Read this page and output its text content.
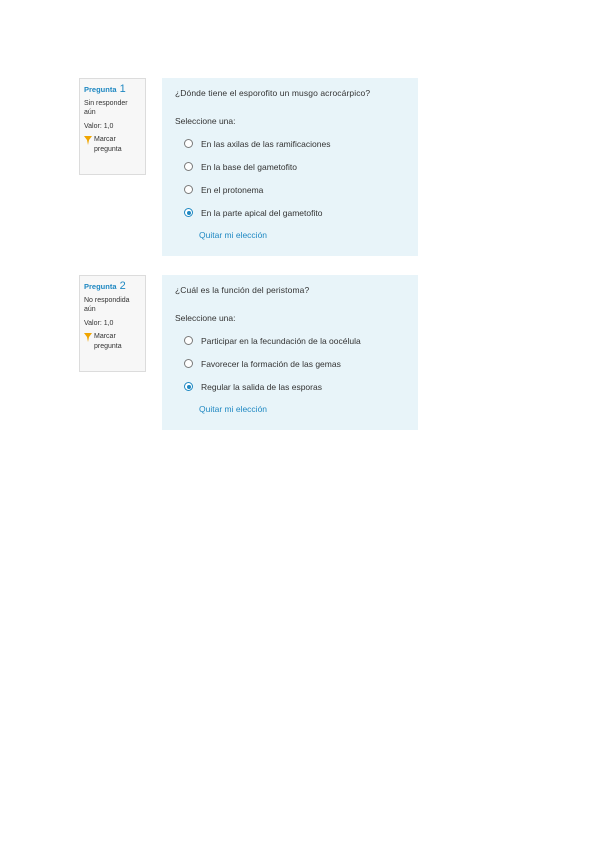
Pregunta 1
Sin responder aún
Valor: 1,0
Marcar pregunta
¿Dónde tiene el esporofito un musgo acrocárpico?
Seleccione una:
En las axilas de las ramificaciones
En la base del gametofito
En el protonema
En la parte apical del gametofito
Quitar mi elección
Pregunta 2
No respondida aún
Valor: 1,0
Marcar pregunta
¿Cuál es la función del peristoma?
Seleccione una:
Participar en la fecundación de la oocélula
Favorecer la formación de las gemas
Regular la salida de las esporas
Quitar mi elección
